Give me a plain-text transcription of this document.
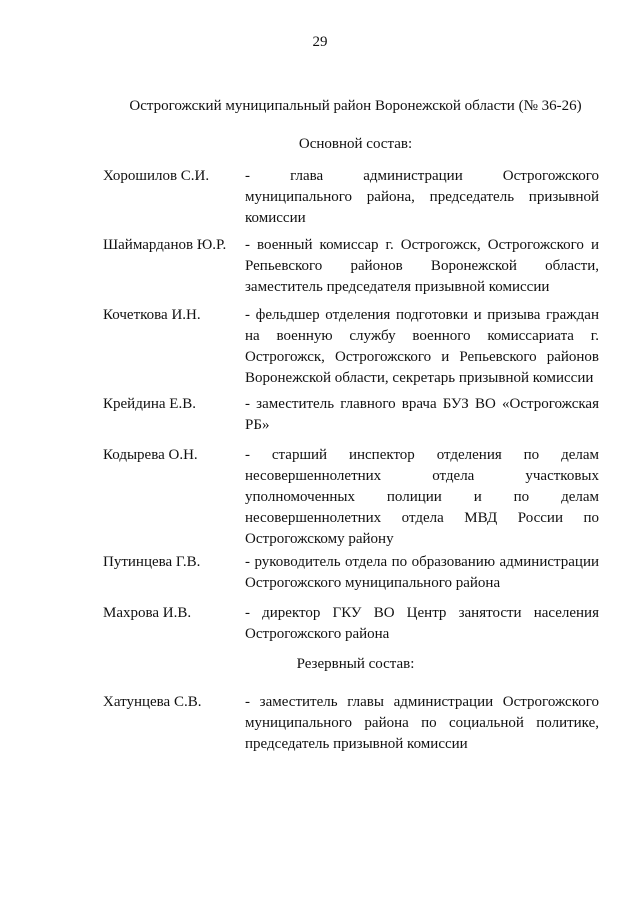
29
Острогожский муниципальный район Воронежской области (№ 36-26)
Основной состав:
Хорошилов С.И. - глава администрации Острогожского муниципального района, председатель призывной комиссии
Шаймарданов Ю.Р. - военный комиссар г. Острогожск, Острогожского и Репьевского районов Воронежской области, заместитель председателя призывной комиссии
Кочеткова И.Н.	- фельдшер отделения подготовки и призыва граждан на военную службу военного комиссариата г. Острогожск, Острогожского и Репьевского районов Воронежской области, секретарь призывной комиссии
Крейдина Е.В.	- заместитель главного врача БУЗ ВО «Острогожская РБ»
Кодырева О.Н.	- старший инспектор отделения по делам несовершеннолетних отдела участковых уполномоченных полиции и по делам несовершеннолетних отдела МВД России по Острогожскому району
Путинцева Г.В.	- руководитель отдела по образованию администрации Острогожского муниципального района
Махрова И.В.	- директор ГКУ ВО Центр занятости населения Острогожского района
Резервный состав:
Хатунцева С.В.	- заместитель главы администрации Острогожского муниципального района по социальной политике, председатель призывной комиссии
